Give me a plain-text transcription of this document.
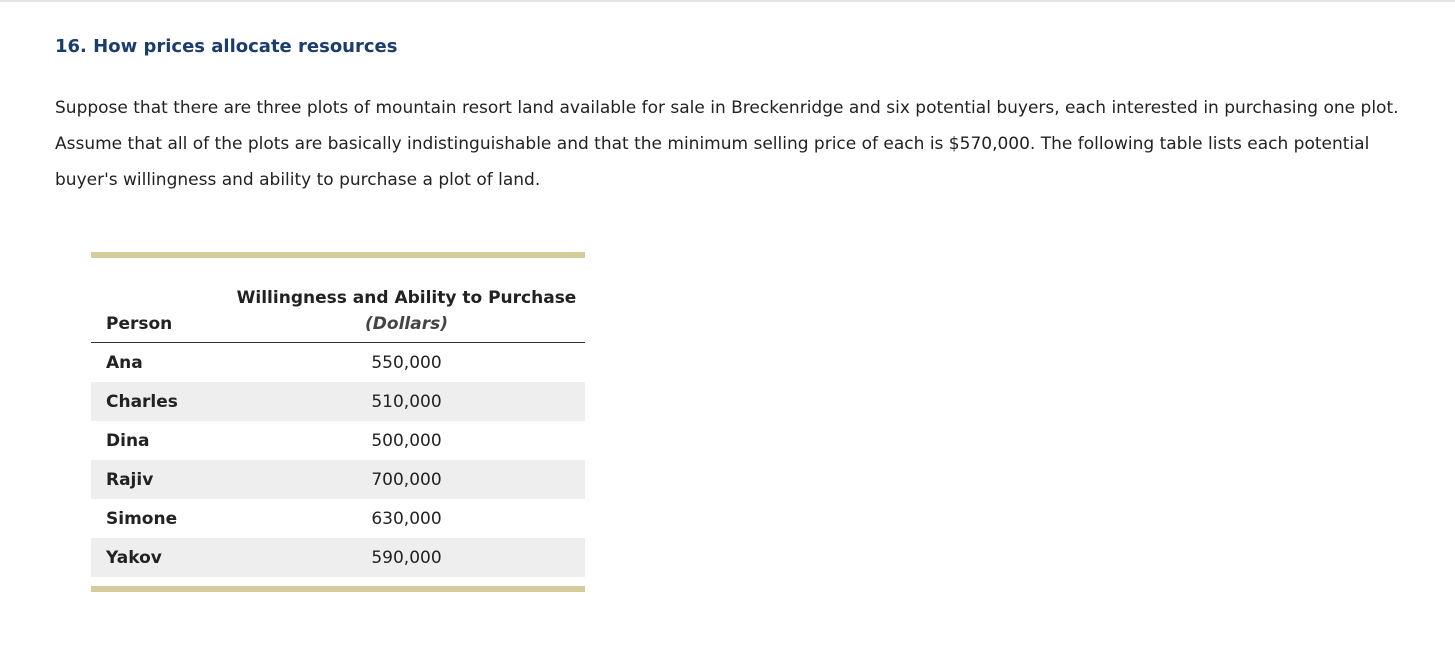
16. How prices allocate resources
Suppose that there are three plots of mountain resort land available for sale in Breckenridge and six potential buyers, each interested in purchasing one plot. Assume that all of the plots are basically indistinguishable and that the minimum selling price of each is $570,000. The following table lists each potential buyer's willingness and ability to purchase a plot of land.
	Willingness and Ability to Purchase
Person	(Dollars)
Ana	550,000
Charles	510,000
Dina	500,000
Rajiv	700,000
Simone	630,000
Yakov	590,000
